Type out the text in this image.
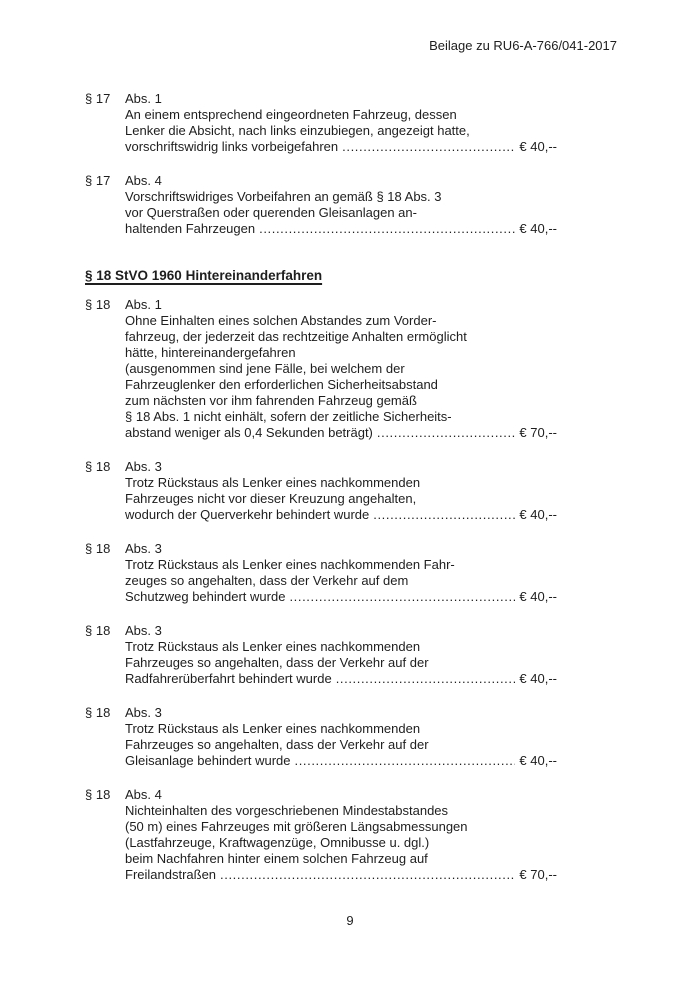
Beilage zu RU6-A-766/041-2017
§ 17	Abs. 1
An einem entsprechend eingeordneten Fahrzeug, dessen
Lenker die Absicht, nach links einzubiegen, angezeigt hatte,
vorschriftswidrig links vorbeigefahren .....	€ 40,--
§ 17	Abs. 4
Vorschriftswidriges Vorbeifahren an gemäß § 18 Abs. 3
vor Querstraßen oder querenden Gleisanlagen an-
haltenden Fahrzeugen .....	€ 40,--
§ 18 StVO 1960 Hintereinanderfahren
§ 18	Abs. 1
Ohne Einhalten eines solchen Abstandes zum Vorder-
fahrzeug, der jederzeit das rechtzeitige Anhalten ermöglicht
hätte, hintereinandergefahren
(ausgenommen sind jene Fälle, bei welchem der
Fahrzeuglenker den erforderlichen Sicherheitsabstand
zum nächsten vor ihm fahrenden Fahrzeug gemäß
§ 18 Abs. 1 nicht einhält, sofern der zeitliche Sicherheits-
abstand weniger als 0,4 Sekunden beträgt) .....	€ 70,--
§ 18	Abs. 3
Trotz Rückstaus als Lenker eines nachkommenden
Fahrzeuges nicht vor dieser Kreuzung angehalten,
wodurch der Querverkehr behindert wurde .....	€ 40,--
§ 18	Abs. 3
Trotz Rückstaus als Lenker eines nachkommenden Fahr-
zeuges so angehalten, dass der Verkehr auf dem
Schutzweg behindert wurde .....	€ 40,--
§ 18	Abs. 3
Trotz Rückstaus als Lenker eines nachkommenden
Fahrzeuges so angehalten, dass der Verkehr auf der
Radfahrerüberfahrt behindert wurde .....	€ 40,--
§ 18	Abs. 3
Trotz Rückstaus als Lenker eines nachkommenden
Fahrzeuges so angehalten, dass der Verkehr auf der
Gleisanlage behindert wurde .....	€ 40,--
§ 18	Abs. 4
Nichteinhalten des vorgeschriebenen Mindestabstandes
(50 m) eines Fahrzeuges mit größeren Längsabmessungen
(Lastfahrzeuge, Kraftwagenzüge, Omnibusse u. dgl.)
beim Nachfahren hinter einem solchen Fahrzeug auf
Freilandstraßen .....	€ 70,--
9
